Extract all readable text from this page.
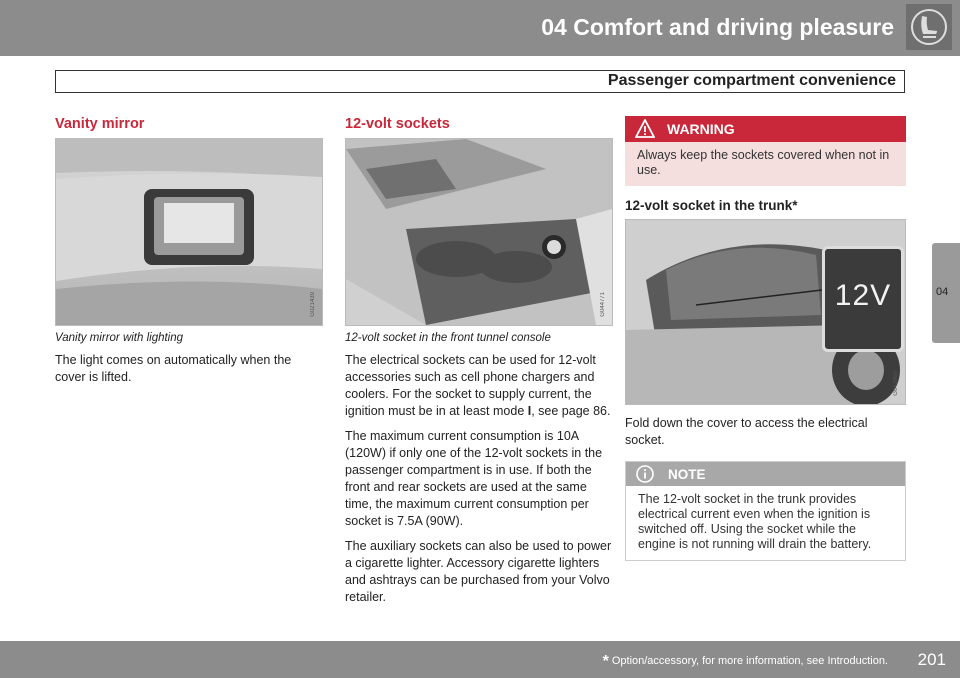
04 Comfort and driving pleasure
Passenger compartment convenience
04
Vanity mirror
G021439
Vanity mirror with lighting

The light comes on automatically when the cover is lifted.

12-volt sockets
G044771
12-volt socket in the front tunnel console

The electrical sockets can be used for 12-volt accessories such as cell phone chargers and coolers. For the socket to supply current, the ignition must be in at least mode I, see page 86.

The maximum current consumption is 10A (120W) if only one of the 12-volt sockets in the passenger compartment is in use. If both the front and rear sockets are used at the same time, the maximum current consumption per socket is 7.5A (90W).

The auxiliary sockets can also be used to power a cigarette lighter. Accessory cigarette lighters and ashtrays can be purchased from your Volvo retailer.

WARNING
Always keep the sockets covered when not in use.
12-volt socket in the trunk*
12V
G043960

Fold down the cover to access the electrical socket.

NOTE
The 12-volt socket in the trunk provides electrical current even when the ignition is switched off. Using the socket while the engine is not running will drain the battery.
* Option/accessory, for more information, see Introduction. 201
